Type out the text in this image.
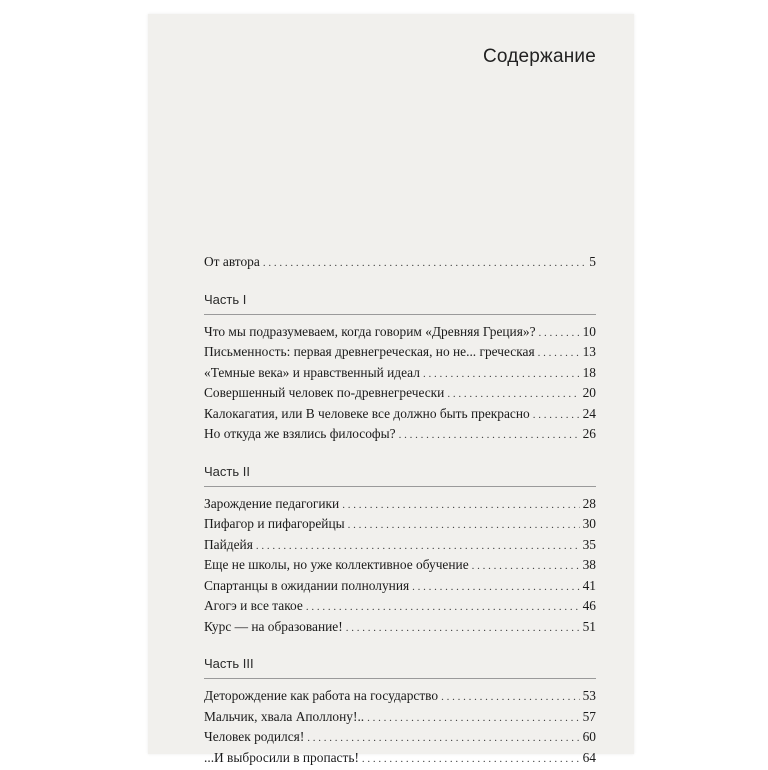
Содержание
От автора . . .	5
Часть I
Что мы подразумеваем, когда говорим «Древняя Греция»? . . .	10
Письменность: первая древнегреческая, но не... греческая . . .	13
«Темные века» и нравственный идеал . . .	18
Совершенный человек по-древнегречески . . .	20
Калокагатия, или В человеке все должно быть прекрасно . . .	24
Но откуда же взялись философы? . . .	26
Часть II
Зарождение педагогики . . .	28
Пифагор и пифагорейцы . . .	30
Пайдейя . . .	35
Еще не школы, но уже коллективное обучение . . .	38
Спартанцы в ожидании полнолуния . . .	41
Агогэ и все такое . . .	46
Курс — на образование! . . .	51
Часть III
Деторождение как работа на государство . . .	53
Мальчик, хвала Аполлону!.. . . .	57
Человек родился! . . .	60
...И выбросили в пропасть! . . .	64
